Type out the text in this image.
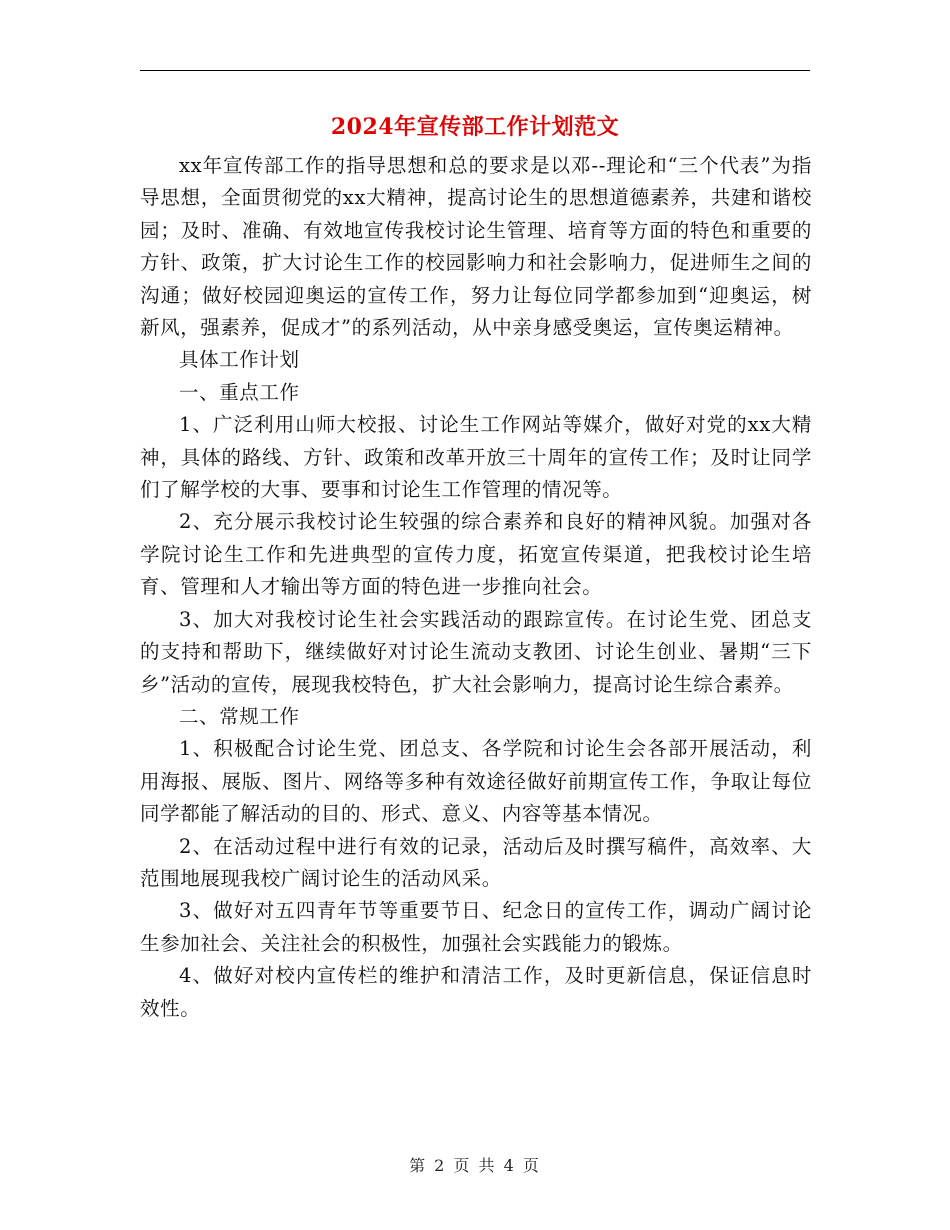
2024年宣传部工作计划范文

xx年宣传部工作的指导思想和总的要求是以邓--理论和“三个代表”为指导思想，全面贯彻党的xx大精神，提高讨论生的思想道德素养，共建和谐校园；及时、准确、有效地宣传我校讨论生管理、培育等方面的特色和重要的方针、政策，扩大讨论生工作的校园影响力和社会影响力，促进师生之间的沟通；做好校园迎奥运的宣传工作，努力让每位同学都参加到“迎奥运，树新风，强素养，促成才”的系列活动，从中亲身感受奥运，宣传奥运精神。

具体工作计划

一、重点工作

1、广泛利用山师大校报、讨论生工作网站等媒介，做好对党的xx大精神，具体的路线、方针、政策和改革开放三十周年的宣传工作；及时让同学们了解学校的大事、要事和讨论生工作管理的情况等。

2、充分展示我校讨论生较强的综合素养和良好的精神风貌。加强对各学院讨论生工作和先进典型的宣传力度，拓宽宣传渠道，把我校讨论生培育、管理和人才输出等方面的特色进一步推向社会。

3、加大对我校讨论生社会实践活动的跟踪宣传。在讨论生党、团总支的支持和帮助下，继续做好对讨论生流动支教团、讨论生创业、暑期“三下乡”活动的宣传，展现我校特色，扩大社会影响力，提高讨论生综合素养。

二、常规工作

1、积极配合讨论生党、团总支、各学院和讨论生会各部开展活动，利用海报、展版、图片、网络等多种有效途径做好前期宣传工作，争取让每位同学都能了解活动的目的、形式、意义、内容等基本情况。

2、在活动过程中进行有效的记录，活动后及时撰写稿件，高效率、大范围地展现我校广阔讨论生的活动风采。

3、做好对五四青年节等重要节日、纪念日的宣传工作，调动广阔讨论生参加社会、关注社会的积极性，加强社会实践能力的锻炼。

4、做好对校内宣传栏的维护和清洁工作，及时更新信息，保证信息时效性。

第 2 页 共 4 页
